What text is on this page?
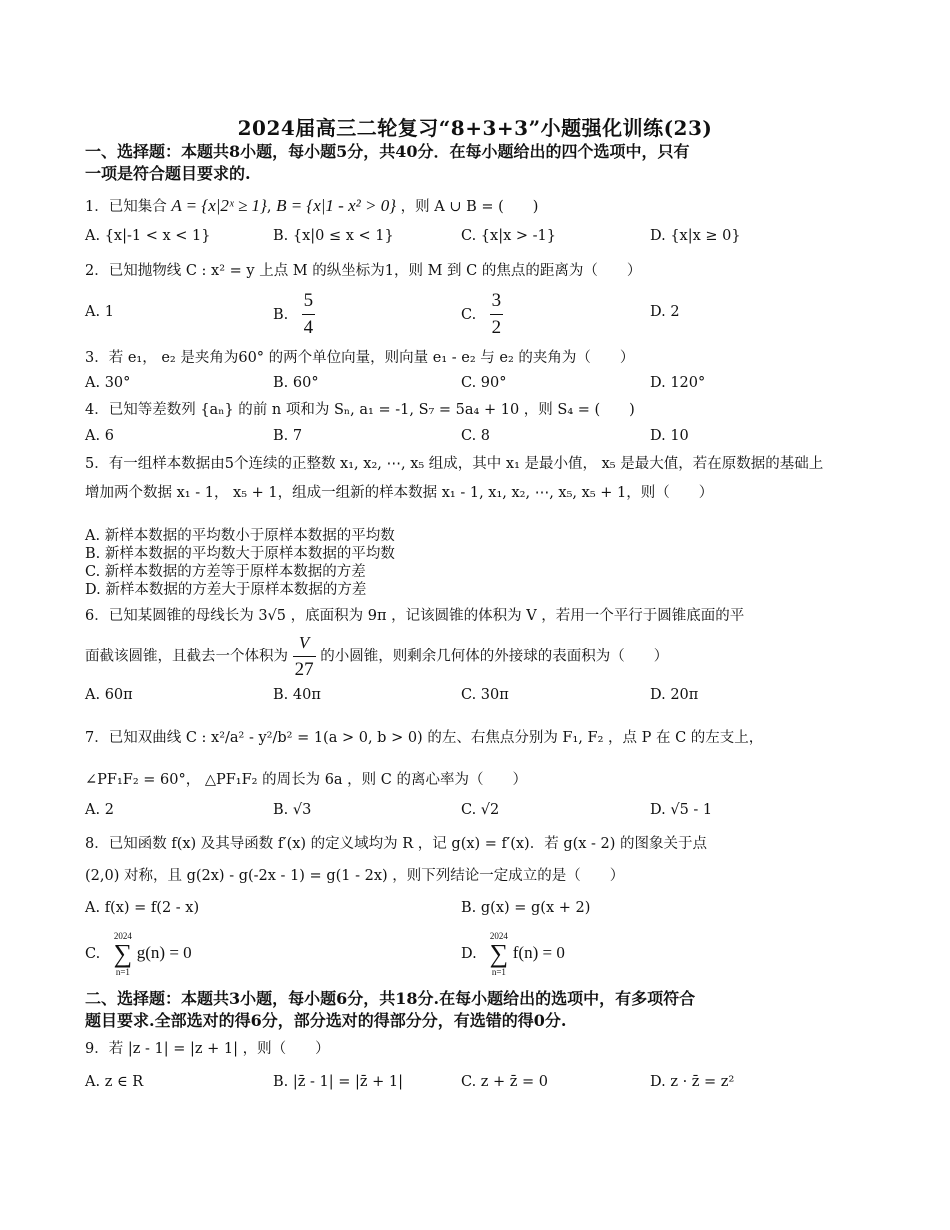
2024届高三二轮复习“8+3+3”小题强化训练(23)
一、选择题：本题共8小题，每小题5分，共40分．在每小题给出的四个选项中，只有
一项是符合题目要求的.
1．已知集合 A = {x|2ˣ ≥ 1}, B = {x|1 - x² > 0} ，则 A ∪ B = (　　)
A. {x|-1 < x < 1}	B. {x|0 ≤ x < 1}	C. {x|x > -1}	D. {x|x ≥ 0}
2．已知抛物线 C : x² = y 上点 M 的纵坐标为1，则 M 到 C 的焦点的距离为（　　）
A. 1	B. $\frac{5}{4}$	C. $\frac{3}{2}$	D. 2
3．若 e₁， e₂ 是夹角为60° 的两个单位向量，则向量 e₁ - e₂ 与 e₂ 的夹角为（　　）
A. 30°	B. 60°	C. 90°	D. 120°
4．已知等差数列 {aₙ} 的前 n 项和为 Sₙ, a₁ = -1, S₇ = 5a₄ + 10 ，则 S₄ = (　　)
A. 6	B. 7	C. 8	D. 10
5．有一组样本数据由5个连续的正整数 x₁, x₂, ⋯, x₅ 组成，其中 x₁ 是最小值， x₅ 是最大值，若在原数据的基础上增加两个数据 x₁ - 1， x₅ + 1，组成一组新的样本数据 x₁ - 1, x₁, x₂, ⋯, x₅, x₅ + 1，则（　　）
A. 新样本数据的平均数小于原样本数据的平均数
B. 新样本数据的平均数大于原样本数据的平均数
C. 新样本数据的方差等于原样本数据的方差
D. 新样本数据的方差大于原样本数据的方差
6．已知某圆锥的母线长为 3√5 ，底面积为 9π ，记该圆锥的体积为 V ，若用一个平行于圆锥底面的平
面截该圆锥，且截去一个体积为 $\frac{V}{27}$ 的小圆锥，则剩余几何体的外接球的表面积为（　　）
A. 60π	B. 40π	C. 30π	D. 20π
7．已知双曲线 C : x²/a² - y²/b² = 1(a > 0, b > 0) 的左、右焦点分别为 F₁, F₂ ，点 P 在 C 的左支上，
∠PF₁F₂ = 60°， △PF₁F₂ 的周长为 6a ，则 C 的离心率为（　　）
A. 2	B. √3	C. √2	D. √5 - 1
8．已知函数 f(x) 及其导函数 f′(x) 的定义域均为 R ，记 g(x) = f′(x)．若 g(x - 2) 的图象关于点
(2,0) 对称，且 g(2x) - g(-2x - 1) = g(1 - 2x) ，则下列结论一定成立的是（　　）
A. f(x) = f(2 - x)	B. g(x) = g(x + 2)
C.
2024
∑
n=1
g(n) = 0	D.
2024
∑
n=1
f(n) = 0
二、选择题：本题共3小题，每小题6分，共18分.在每小题给出的选项中，有多项符合
题目要求.全部选对的得6分，部分选对的得部分分，有选错的得0分.
9．若 |z - 1| = |z + 1| ，则（　　）
A. z ∈ R	B. |z̄ - 1| = |z̄ + 1|	C. z + z̄ = 0	D. z · z̄ = z²
